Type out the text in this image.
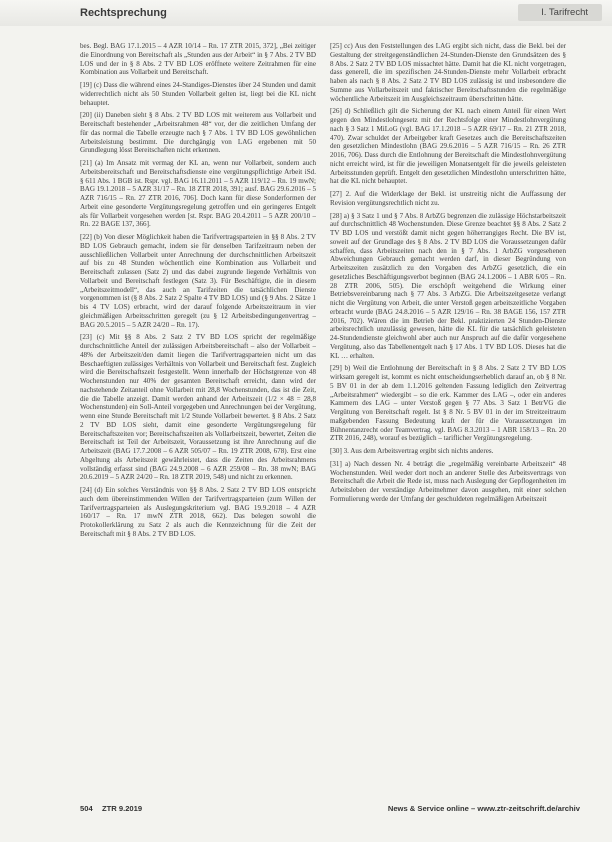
Rechtsprechung	I. Tarifrecht

bes. Begl. BAG 17.1.2015 – 4 AZR 10/14 – Rn. 17 ZTR 2015, 372], „Bei zeitiger die Einordnung von Bereitschaft als „Stunden aus der Arbeit“ in § 7 Abs. 2 TV BD LOS und der in § 8 Abs. 2 TV BD LOS eröffnete weitere Zeitrahmen für eine Kombination aus Vollarbeit und Bereitschaft.

[19] (c) Dass die während eines 24-Standiges-Dienstes über 24 Stunden und damit widerrechtlich nicht als 50 Stunden Vollarbeit gelten ist, liegt bei die KL nicht behauptet.

[20] (ii) Daneben sieht § 8 Abs. 2 TV BD LOS mit weiterem aus Vollarbeit und Bereitschaft bestehender „Arbeitsrahmen 48“ vor, der die zeitlichen Umfang der für das normal die Tabelle erzeugte nach § 7 Abs. 1 TV BD LOS gewöhnlichen Arbeitsleistung bestimmt. Die durchgängig von LAG ergebenen mit 50 Grundlegung lösst Bereitschaften nicht erkennen.

[21] (a) Im Ansatz mit vermag der KL an, wenn nur Vollarbeit, sondern auch Arbeitsbereitschaft und Bereitschaftsdienste eine vergütungspflichtige Arbeit iSd. § 611 Abs. 1 BGB ist. Rspr. vgl. BAG 16.11.2011 – 5 AZR 119/12 – Rn. 19 mwN; BAG 19.1.2018 – 5 AZR 31/17 – Rn. 18 ZTR 2018, 391; ausf. BAG 29.6.2016 – 5 AZR 716/15 – Rn. 27 ZTR 2016, 706]. Doch kann für diese Sonderformen der Arbeit eine gesonderte Vergütungsregelung getroffen und ein geringeres Entgelt als für Vollarbeit vorgesehen werden [st. Rspr. BAG 20.4.2011 – 5 AZR 200/10 – Rn. 22 BAGE 137, 366].

[22] (b) Von dieser Möglichkeit haben die Tarifvertragsparteien in §§ 8 Abs. 2 TV BD LOS Gebrauch gemacht, indem sie für denselben Tarifzeitraum neben der ausschließlichen Vollarbeit unter Anrechnung der durchschnittlichen Arbeitszeit auf bis zu 48 Stunden wöchentlich eine Kombination aus Vollarbeit und Bereitschaft zulassen (Satz 2) und das dabei zugrunde liegende Verhältnis von Vollarbeit und Bereitschaft festlegen (Satz 3). Für Beschäftigte, die in diesem „Arbeitszeitmodell“, das auch an Tarifzeiten die tatsächlichen Dienste vorgenommen ist (§ 8 Abs. 2 Satz 2 Spalte 4 TV BD LOS) und (§ 9 Abs. 2 Sätze 1 bis 4 TV LOS) erbracht, wird der darauf folgende Arbeitszeitraum in vier gleichmäßigen Arbeitsschritten geregelt (zu § 12 Arbeitsbedingungenvertrag – BAG 20.5.2015 – 5 AZR 24/20 – Rn. 17).

[23] (c) Mit §§ 8 Abs. 2 Satz 2 TV BD LOS spricht der regelmäßige durchschnittliche Anteil der zulässigen Arbeitsbereitschaft – also der Vollarbeit – 48% der Arbeitszeit/den damit liegen die Tarifvertragsparteien nicht um das Beschaeftigten zulässiges Verhältnis von Vollarbeit und Bereitschaft fest. Zugleich wird die Bereitschaftszeit festgestellt. Wenn innerhalb der Höchstgrenze von 48 Wochenstunden nur 40% der gesamten Bereitschaft erreicht, dann wird der nachstehende Zeitanteil ohne Vollarbeit mit 28,8 Wochenstunden, das ist die Zeit, die die Tabelle anzeigt. Damit werden anhand der Arbeitszeit (1/2 × 48 = 28,8 Wochenstunden) ein Soll-Anteil vorgegeben und Anrechnungen bei der Vergütung, wenn eine Stunde Bereitschaft mit 1/2 Stunde Vollarbeit bewertet. § 8 Abs. 2 Satz 2 TV BD LOS sieht, damit eine gesonderte Vergütungsregelung für Bereitschaftszeiten vor; Bereitschaftszeiten als Vollarbeitszeit, bewertet, Zeiten die Bereitschaft ist Teil der Arbeitszeit, Voraussetzung ist ihre Anrechnung auf die Arbeitszeit (BAG 17.7.2008 – 6 AZR 505/07 – Rn. 19 ZTR 2008, 678). Erst eine Abgeltung als Arbeitszeit gewährleistet, dass die Zeiten des Arbeitsrahmens vollständig erfasst sind (BAG 24.9.2008 – 6 AZR 259/08 – Rn. 38 mwN; BAG 20.6.2019 – 5 AZR 24/20 – Rn. 18 ZTR 2019, 548) und nicht zu erkennen.

[24] (d) Ein solches Verständnis von §§ 8 Abs. 2 Satz 2 TV BD LOS entspricht auch dem übereinstimmenden Willen der Tarifvertragsparteien (zum Willen der Tarifvertragsparteien als Auslegungskriterium vgl. BAG 19.9.2018 – 4 AZR 160/17 – Rn. 17 mwN ZTR 2018, 662). Das belegen sowohl die Protokollerklärung zu Satz 2 als auch die Kennzeichnung für die Zeit der Bereitschaft mit § 8 Abs. 2 TV BD LOS.

[25] cc) Aus den Feststellungen des LAG ergibt sich nicht, dass die Bekl. bei der Gestaltung der streitgegenständlichen 24-Stunden-Dienste den Grundsätzen des § 8 Abs. 2 Satz 2 TV BD LOS missachtet hätte. Damit hat die KL nicht vorgetragen, dass generell, die im spezifischen 24-Stunden-Dienste mehr Vollarbeit erbracht haben als nach § 8 Abs. 2 Satz 2 TV BD LOS zulässig ist und insbesondere die Summe aus Vollarbeitszeit und faktischer Bereitschaftsstunden die regelmäßige wöchentliche Arbeitszeit im Ausgleichszeitraum überschritten hätte.

[26] d) Schließlich gilt die Sicherung der KL nach einem Anteil für einen Wert gegen den Mindestlohngesetz mit der Rechtsfolge einer Mindestlohnvergütung nach § 3 Satz 1 MiLoG (vgl. BAG 17.1.2018 – 5 AZR 69/17 – Rn. 21 ZTR 2018, 470). Zwar schuldet der Arbeitgeber kraft Gesetzes auch die Bereitschaftszeiten den gesetzlichen Mindestlohn (BAG 29.6.2016 – 5 AZR 716/15 – Rn. 26 ZTR 2016, 706). Dass durch die Entlohnung der Bereitschaft die Mindestlohnvergütung nicht erreicht wird, ist für die jeweiligen Monatsentgelt für die jeweils geleisteten Arbeitsstunden geprüft. Entgelt den gesetzlichen Mindestlohn unterschritten hätte, hat die KL nicht behauptet.

[27] 2. Auf die Widerklage der Bekl. ist unstreitig nicht die Auffassung der Revision vergütungsrechtlich nicht zu.

[28] a) § 3 Satz 1 und § 7 Abs. 8 ArbZG begrenzen die zulässige Höchstarbeitszeit auf durchschnittlich 48 Wochenstunden. Diese Grenze beachtet §§ 8 Abs. 2 Satz 2 TV BD LOS und verstößt damit nicht gegen höherrangiges Recht. Die BV ist, soweit auf der Grundlage des § 8 Abs. 2 TV BD LOS die Voraussetzungen dafür schaffen, dass Arbeitszeiten nach den in § 7 Abs. 1 ArbZG vorgesehenen Abweichungen Gebrauch gemacht werden darf, in dieser Begründung von Arbeitszeiten zusätzlich zu den Vorgaben des ArbZG gesetzlich, die ein gesetzliches Beschäftigungsverbot beginnen (BAG 24.1.2006 – 1 ABR 6/05 – Rn. 28 ZTR 2006, 505). Die erschöpft weitgehend die Wirkung einer Betriebsvereinbarung nach § 77 Abs. 3 ArbZG. Die Arbeitszeitgesetze verlangt nicht die Vergütung von Arbeit, die unter Verstoß gegen arbeitszeitliche Vorgaben erbracht wurde (BAG 24.8.2016 – 5 AZR 129/16 – Rn. 38 BAGE 156, 157 ZTR 2016, 702). Wären die im Betrieb der Bekl. praktizierten 24 Stunden-Dienste arbeitsrechtlich unzulässig gewesen, hätte die KL für die tatsächlich geleisteten 24-Stundendienste gleichwohl aber auch nur Anspruch auf die dafür vorgesehene Vergütung, also das Tabellenentgelt nach § 17 Abs. 1 TV BD LOS. Dieses hat die KL … erhalten.

[29] b) Weil die Entlohnung der Bereitschaft in § 8 Abs. 2 Satz 2 TV BD LOS wirksam geregelt ist, kommt es nicht entscheidungserheblich darauf an, ob § 8 Nr. 5 BV 01 in der ab dem 1.1.2016 geltenden Fassung lediglich den Zeitvertrag „Arbeitsrahmen“ wiedergibt – so die erk. Kammer des LAG –, oder ein anderes Kammern des LAG – unter Verstoß gegen § 77 Abs. 3 Satz 1 BetrVG die Vergütung von Bereitschaft regelt. Ist § 8 Nr. 5 BV 01 in der im Streitzeitraum maßgebenden Fassung Bedeutung kraft der für die Voraussetzungen im Bühnentanzrecht oder Teamvertrag. vgl. BAG 8.3.2013 – 1 ABR 158/13 – Rn. 20 ZTR 2016, 248), worauf es bezüglich – tariflicher Vergütungsregelung.

[30] 3. Aus dem Arbeitsvertrag ergibt sich nichts anderes.

[31] a) Nach dessen Nr. 4 beträgt die „regelmäßig vereinbarte Arbeitszeit“ 48 Wochenstunden. Weil weder dort noch an anderer Stelle des Arbeitsvertrags von Bereitschaft die Arbeit die Rede ist, muss nach Auslegung der Gepflogenheiten im Arbeitsleben der verständige Arbeitnehmer davon ausgehen, mit einer solchen Formulierung werde der Umfang der geschuldeten regelmäßigen Arbeitszeit

504 ZTR 9.2019	News & Service online – www.ztr-zeitschrift.de/archiv
